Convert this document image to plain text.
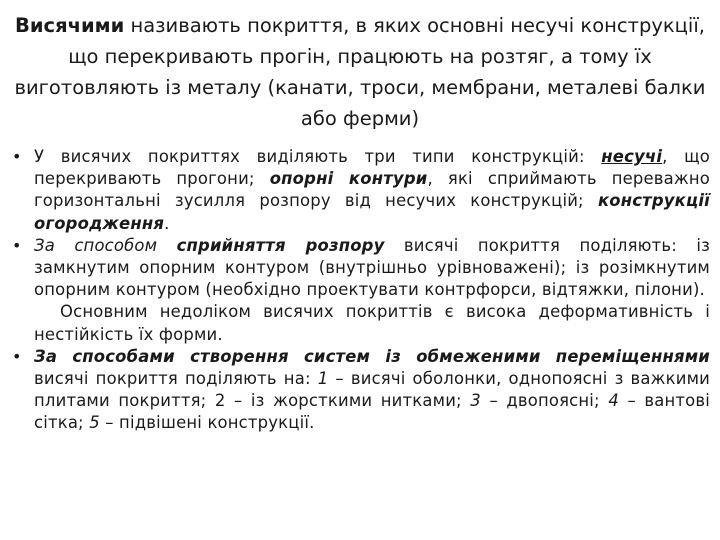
Висячими називають покриття, в яких основні несучі конструкції, що перекривають прогін, працюють на розтяг, а тому їх виготовляють із металу (канати, троси, мембрани, металеві балки або ферми)

• У висячих покриттях виділяють три типи конструкцій: несучі, що перекривають прогони; опорні контури, які сприймають переважно горизонтальні зусилля розпору від несучих конструкцій; конструкції огородження.
• За способом сприйняття розпору висячі покриття поділяють: із замкнутим опорним контуром (внутрішньо урівноважені); із розімкнутим опорним контуром (необхідно проектувати контрфорси, відтяжки, пілони).
Основним недоліком висячих покриттів є висока деформативність і нестійкість їх форми.
• За способами створення систем із обмеженими переміщеннями висячі покриття поділяють на: 1 – висячі оболонки, однопоясні з важкими плитами покриття; 2 – із жорсткими нитками; 3 – двопоясні; 4 – вантові сітка; 5 – підвішені конструкції.
